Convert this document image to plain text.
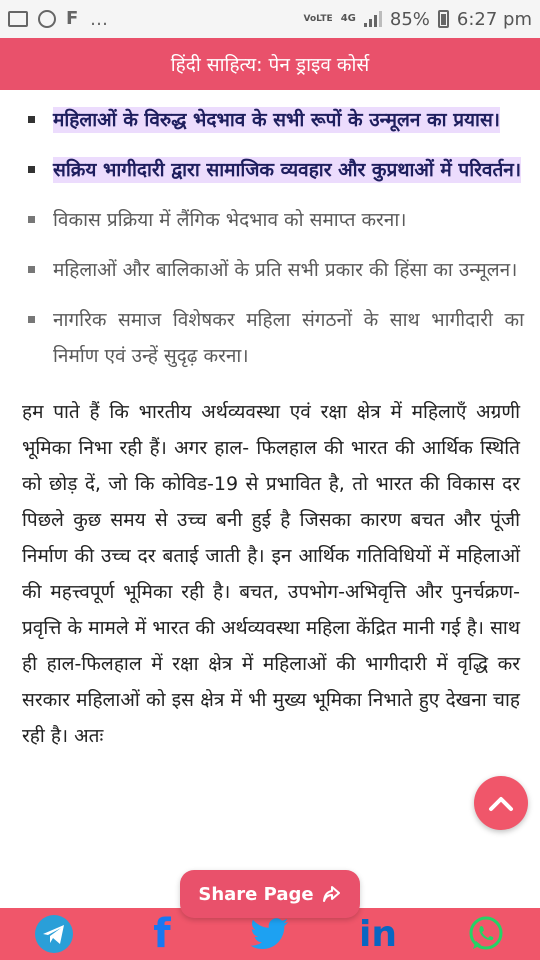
F …	VoLTE 4G 85% 6:27 pm
हिंदी साहित्य: पेन ड्राइव कोर्स
महिलाओं के विरुद्ध भेदभाव के सभी रूपों के उन्मूलन का प्रयास।
सक्रिय भागीदारी द्वारा सामाजिक व्यवहार और कुप्रथाओं में परिवर्तन।
विकास प्रक्रिया में लैंगिक भेदभाव को समाप्त करना।
महिलाओं और बालिकाओं के प्रति सभी प्रकार की हिंसा का उन्मूलन।
नागरिक समाज विशेषकर महिला संगठनों के साथ भागीदारी का निर्माण एवं उन्हें सुदृढ़ करना।

हम पाते हैं कि भारतीय अर्थव्यवस्था एवं रक्षा क्षेत्र में महिलाएँ अग्रणी भूमिका निभा रही हैं। अगर हाल- फिलहाल की भारत की आर्थिक स्थिति को छोड़ दें, जो कि कोविड-19 से प्रभावित है, तो भारत की विकास दर पिछले कुछ समय से उच्च बनी हुई है जिसका कारण बचत और पूंजी निर्माण की उच्च दर बताई जाती है। इन आर्थिक गतिविधियों में महिलाओं की महत्त्वपूर्ण भूमिका रही है। बचत, उपभोग-अभिवृत्ति और पुनर्चक्रण-प्रवृत्ति के मामले में भारत की अर्थव्यवस्था महिला केंद्रित मानी गई है। साथ ही हाल-फिलहाल में रक्षा क्षेत्र में महिलाओं की भागीदारी में वृद्धि कर सरकार महिलाओं को इस क्षेत्र में भी मुख्य भूमिका निभाते हुए देखना चाह रही है। अतः

f	in
Share Page
